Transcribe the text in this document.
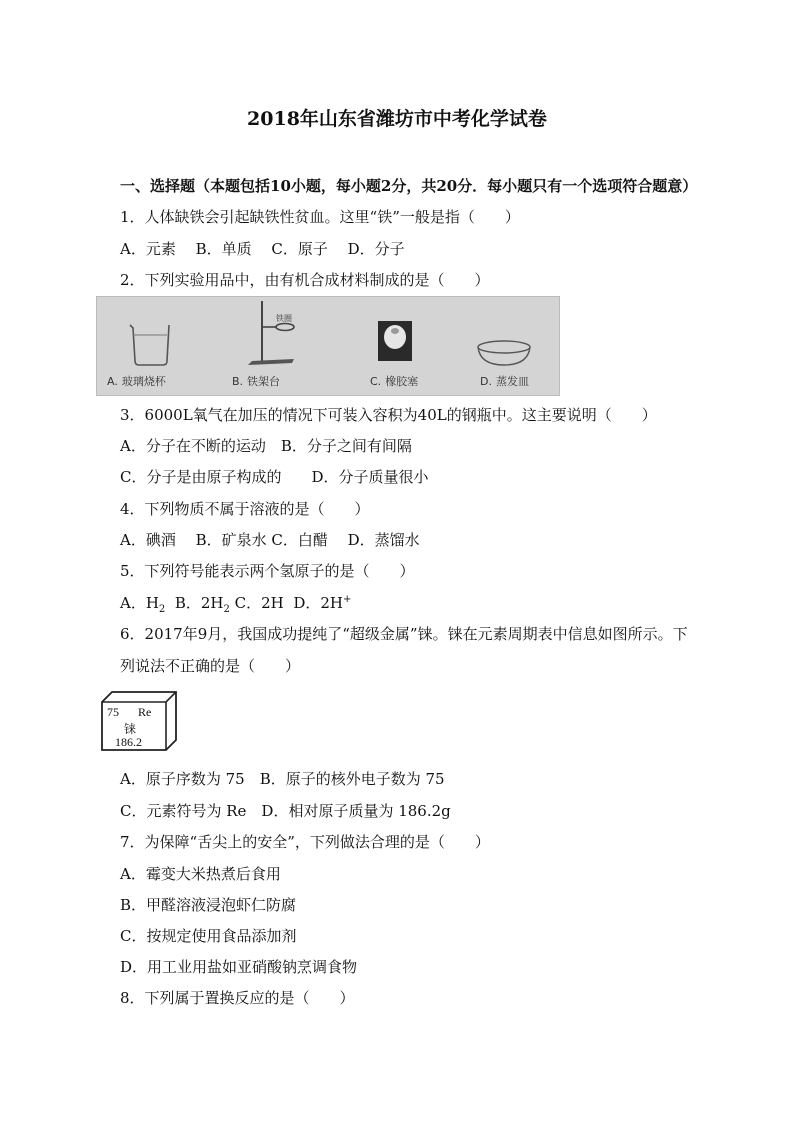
2018年山东省潍坊市中考化学试卷
一、选择题（本题包括10小题，每小题2分，共20分．每小题只有一个选项符合题意）
1．人体缺铁会引起缺铁性贫血。这里“铁”一般是指（　　）
A．元素　 B．单质　 C．原子　 D．分子
2．下列实验用品中，由有机合成材料制成的是（　　）
A. 玻璃烧杯
铁圈
B. 铁架台	C. 橡胶塞	D. 蒸发皿
3．6000L氧气在加压的情况下可装入容积为40L的钢瓶中。这主要说明（　　）
A．分子在不断的运动　B．分子之间有间隔
C．分子是由原子构成的　　D．分子质量很小
4．下列物质不属于溶液的是（　　）
A．碘酒　 B．矿泉水 C．白醋　 D．蒸馏水
5．下列符号能表示两个氢原子的是（　　）
A．$H_2$ B．$2H_2$ C．2H D．2H+
6．2017年9月，我国成功提纯了“超级金属”铼。铼在元素周期表中信息如图所示。下
列说法不正确的是（　　）
75 Re
铼
186.2
A．原子序数为 75　B．原子的核外电子数为 75
C．元素符号为 Re　D．相对原子质量为 186.2g
7．为保障“舌尖上的安全”，下列做法合理的是（　　）
A．霉变大米热煮后食用
B．甲醛溶液浸泡虾仁防腐
C．按规定使用食品添加剂
D．用工业用盐如亚硝酸钠烹调食物
8．下列属于置换反应的是（　　）
